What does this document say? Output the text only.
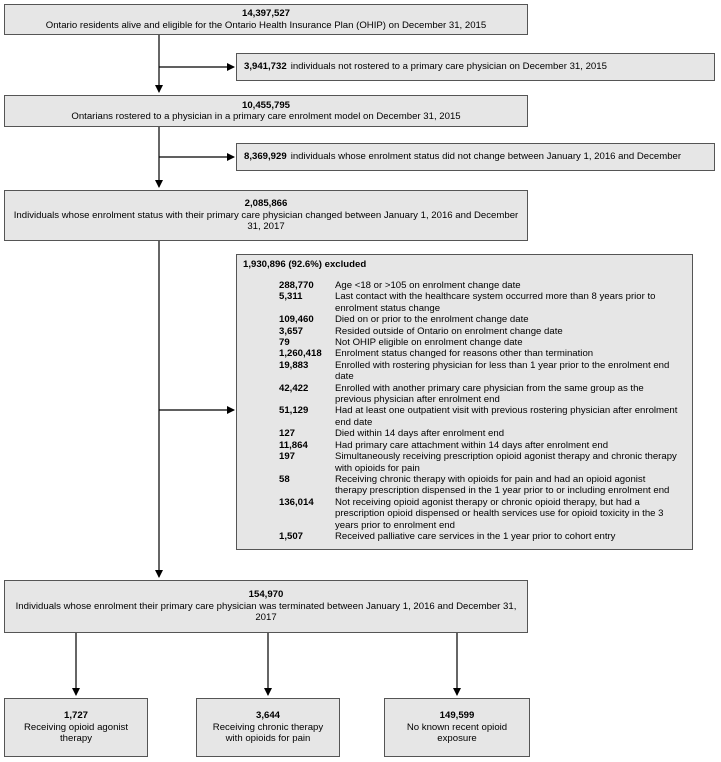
14,397,527
Ontario residents alive and eligible for the Ontario Health Insurance Plan (OHIP) on December 31, 2015
3,941,732 individuals not rostered to a primary care physician on December 31, 2015
10,455,795
Ontarians rostered to a physician in a primary care enrolment model on December 31, 2015
8,369,929 individuals whose enrolment status did not change between January 1, 2016 and December
2,085,866
Individuals whose enrolment status with their primary care physician changed between January 1, 2016 and December 31, 2017
1,930,896 (92.6%) excluded
288,770	Age <18 or >105 on enrolment change date
5,311	Last contact with the healthcare system occurred more than 8 years prior to enrolment status change
109,460	Died on or prior to the enrolment change date
3,657	Resided outside of Ontario on enrolment change date
79	Not OHIP eligible on enrolment change date
1,260,418	Enrolment status changed for reasons other than termination
19,883	Enrolled with rostering physician for less than 1 year prior to the enrolment end date
42,422	Enrolled with another primary care physician from the same group as the previous physician after enrolment end
51,129	Had at least one outpatient visit with previous rostering physician after enrolment end date
127	Died within 14 days after enrolment end
11,864	Had primary care attachment within 14 days after enrolment end
197	Simultaneously receiving prescription opioid agonist therapy and chronic therapy with opioids for pain
58	Receiving chronic therapy with opioids for pain and had an opioid agonist therapy prescription dispensed in the 1 year prior to or including enrolment end
136,014	Not receiving opioid agonist therapy or chronic opioid therapy, but had a prescription opioid dispensed or health services use for opioid toxicity in the 3 years prior to enrolment end
1,507	Received palliative care services in the 1 year prior to cohort entry
154,970
Individuals whose enrolment their primary care physician was terminated between January 1, 2016 and December 31, 2017
1,727
Receiving opioid agonist therapy
3,644
Receiving chronic therapy with opioids for pain
149,599
No known recent opioid exposure
